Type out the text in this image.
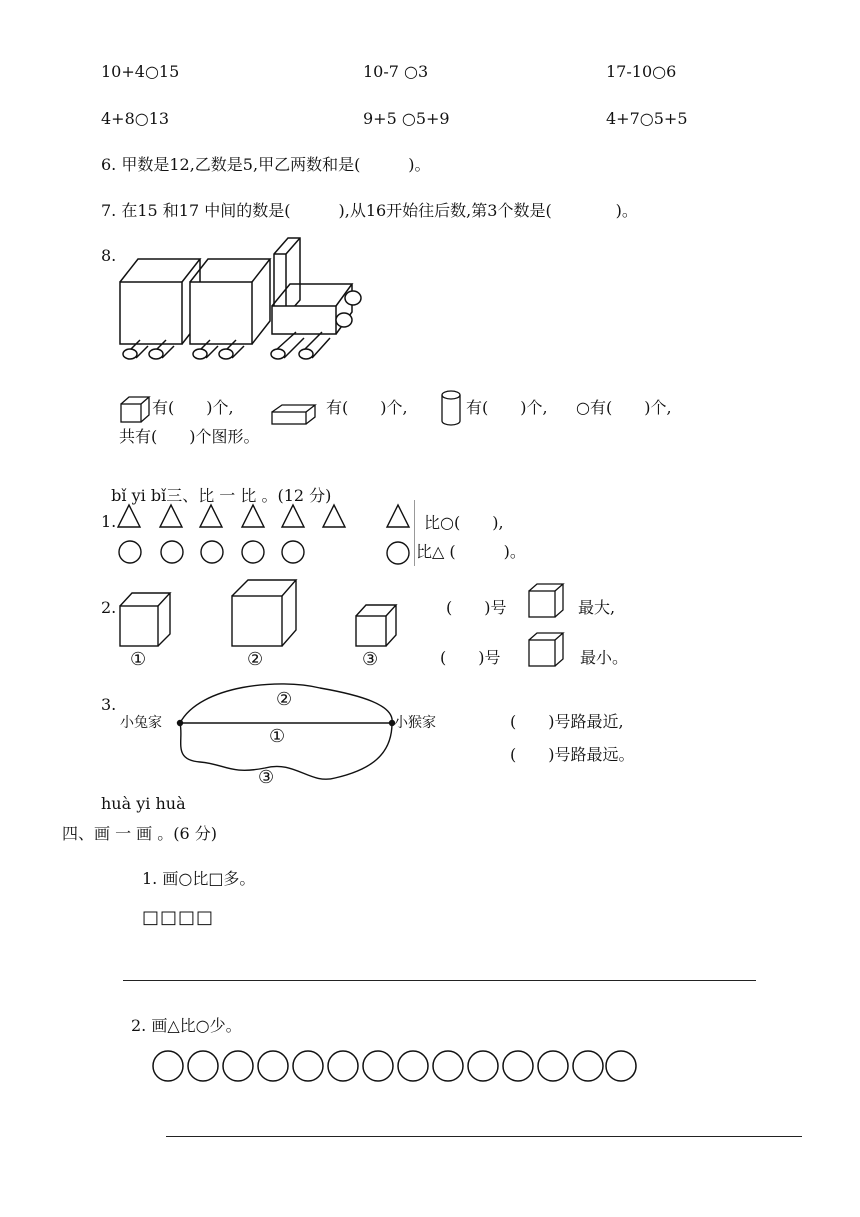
10+4○15	10-7 ○3	17-10○6
4+8○13	9+5 ○5+9	4+7○5+5
6. 甲数是12,乙数是5,甲乙两数和是(　　　)。
7. 在15 和17 中间的数是(　　　),从16开始往后数,第3个数是(　　　　)。
8.
有(　　)个,	有(　　)个,	有(　　)个, ○有(　　)个,
共有(　　)个图形。

bǐ yi bǐ三、比 一 比 。(12 分)

1.	比○(　　),
比△ (　　　)。
2.
①	②	③
(　　)号	最大,
(　　)号	最小。
3.
小兔家	小猴家
②
①
③
(　　)号路最近,
(　　)号路最远。
huà yi huà
四、画 一 画 。(6 分)
1. 画○比□多。
□□□□
2. 画△比○少。
